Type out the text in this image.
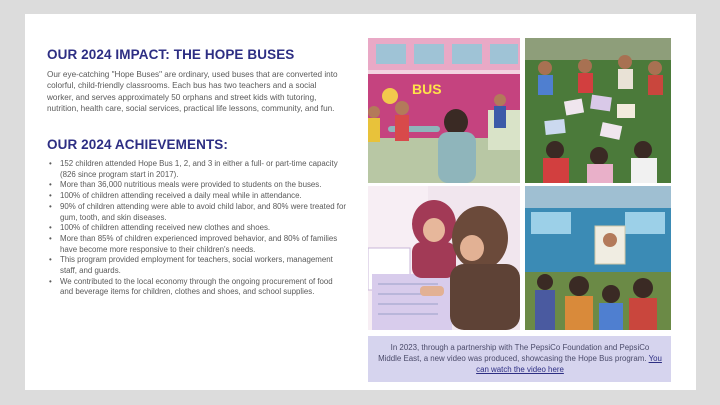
OUR 2024 IMPACT: THE HOPE BUSES

Our eye-catching "Hope Buses" are ordinary, used buses that are converted into colorful, child-friendly classrooms. Each bus has two teachers and a social worker, and serves approximately 50 orphans and street kids with tutoring, nutrition, health care, social services, practical life lessons, community, and fun.

OUR 2024 ACHIEVEMENTS:
• 152 children attended Hope Bus 1, 2, and 3 in either a full- or part-time capacity (826 since program start in 2017).
• More than 36,000 nutritious meals were provided to students on the buses.
• 100% of children attending received a daily meal while in attendance.
• 90% of children attending were able to avoid child labor, and 80% were treated for gum, tooth, and skin diseases.
• 100% of children attending received new clothes and shoes.
• More than 85% of children experienced improved behavior, and 80% of families have become more responsive to their children's needs.
• This program provided employment for teachers, social workers, management staff, and guards.
• We contributed to the local economy through the ongoing procurement of food and beverage items for children, clothes and shoes, and school supplies.
BUS

In 2023, through a partnership with The PepsiCo Foundation and PepsiCo Middle East, a new video was produced, showcasing the Hope Bus program. You can watch the video here
